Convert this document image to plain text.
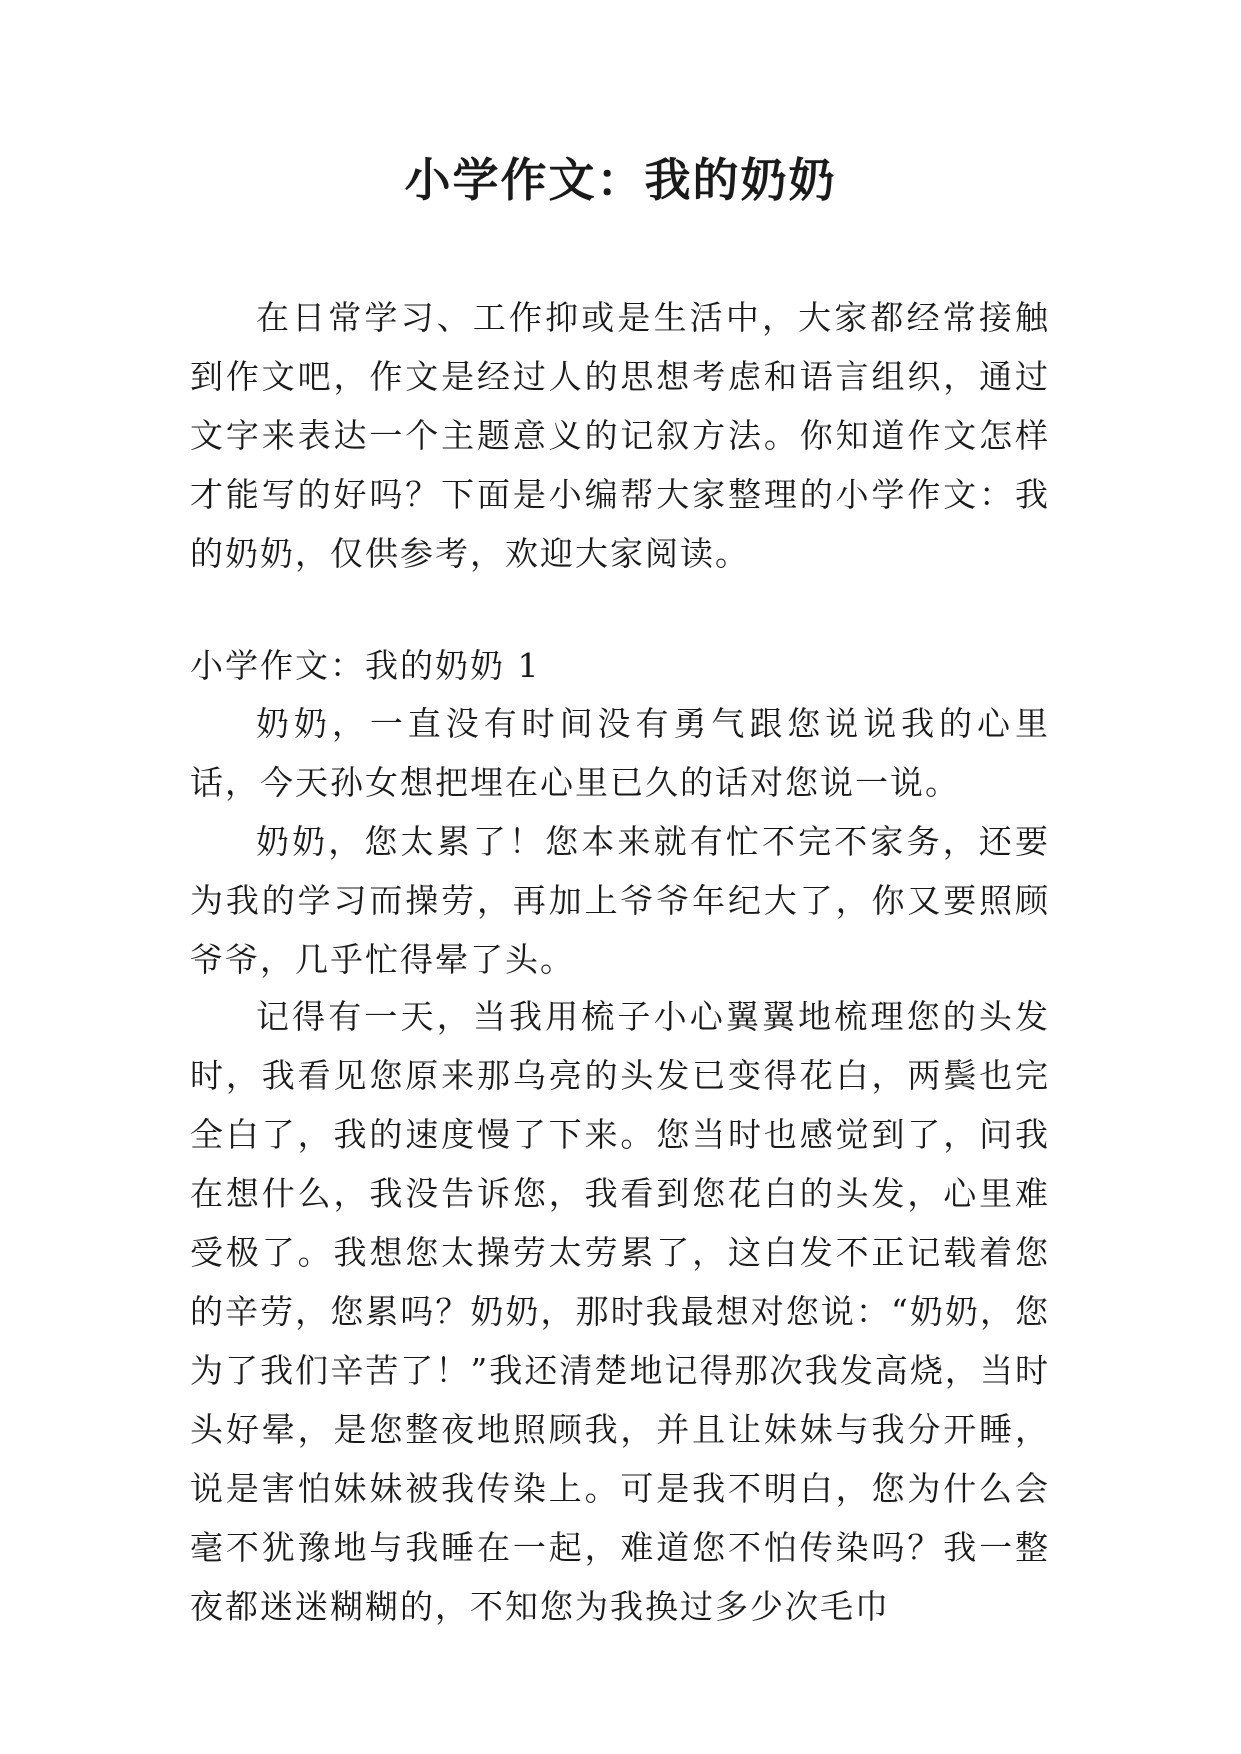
小学作文：我的奶奶

在日常学习、工作抑或是生活中，大家都经常接触到作文吧，作文是经过人的思想考虑和语言组织，通过文字来表达一个主题意义的记叙方法。你知道作文怎样才能写的好吗？下面是小编帮大家整理的小学作文：我的奶奶，仅供参考，欢迎大家阅读。

小学作文：我的奶奶 1

奶奶，一直没有时间没有勇气跟您说说我的心里话，今天孙女想把埋在心里已久的话对您说一说。

奶奶，您太累了！您本来就有忙不完不家务，还要为我的学习而操劳，再加上爷爷年纪大了，你又要照顾爷爷，几乎忙得晕了头。

记得有一天，当我用梳子小心翼翼地梳理您的头发时，我看见您原来那乌亮的头发已变得花白，两鬓也完全白了，我的速度慢了下来。您当时也感觉到了，问我在想什么，我没告诉您，我看到您花白的头发，心里难受极了。我想您太操劳太劳累了，这白发不正记载着您的辛劳，您累吗？奶奶，那时我最想对您说：“奶奶，您为了我们辛苦了！”我还清楚地记得那次我发高烧，当时头好晕，是您整夜地照顾我，并且让妹妹与我分开睡，说是害怕妹妹被我传染上。可是我不明白，您为什么会毫不犹豫地与我睡在一起，难道您不怕传染吗？我一整夜都迷迷糊糊的，不知您为我换过多少次毛巾
